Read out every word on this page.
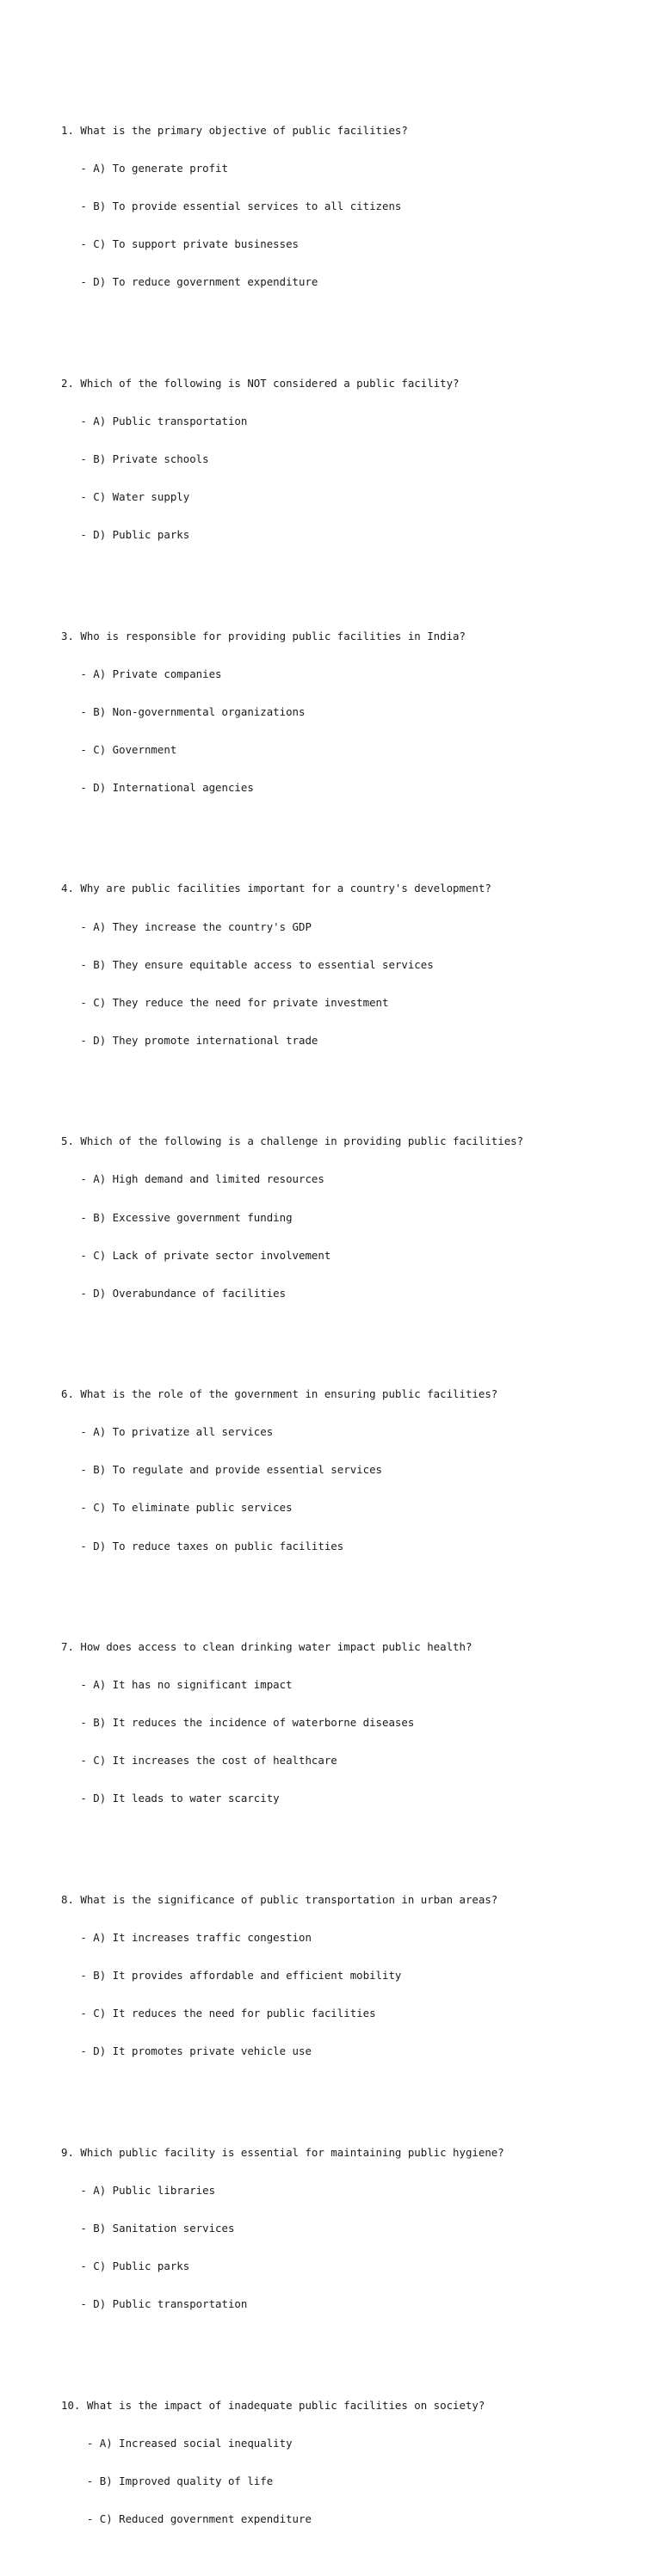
1. What is the primary objective of public facilities?

- A) To generate profit

- B) To provide essential services to all citizens

- C) To support private businesses

- D) To reduce government expenditure

2. Which of the following is NOT considered a public facility?

- A) Public transportation

- B) Private schools

- C) Water supply

- D) Public parks

3. Who is responsible for providing public facilities in India?

- A) Private companies

- B) Non-governmental organizations

- C) Government

- D) International agencies

4. Why are public facilities important for a country's development?

- A) They increase the country's GDP

- B) They ensure equitable access to essential services

- C) They reduce the need for private investment

- D) They promote international trade

5. Which of the following is a challenge in providing public facilities?

- A) High demand and limited resources

- B) Excessive government funding

- C) Lack of private sector involvement

- D) Overabundance of facilities

6. What is the role of the government in ensuring public facilities?

- A) To privatize all services

- B) To regulate and provide essential services

- C) To eliminate public services

- D) To reduce taxes on public facilities

7. How does access to clean drinking water impact public health?

- A) It has no significant impact

- B) It reduces the incidence of waterborne diseases

- C) It increases the cost of healthcare

- D) It leads to water scarcity

8. What is the significance of public transportation in urban areas?

- A) It increases traffic congestion

- B) It provides affordable and efficient mobility

- C) It reduces the need for public facilities

- D) It promotes private vehicle use

9. Which public facility is essential for maintaining public hygiene?

- A) Public libraries

- B) Sanitation services

- C) Public parks

- D) Public transportation

10. What is the impact of inadequate public facilities on society?

- A) Increased social inequality

- B) Improved quality of life

- C) Reduced government expenditure
